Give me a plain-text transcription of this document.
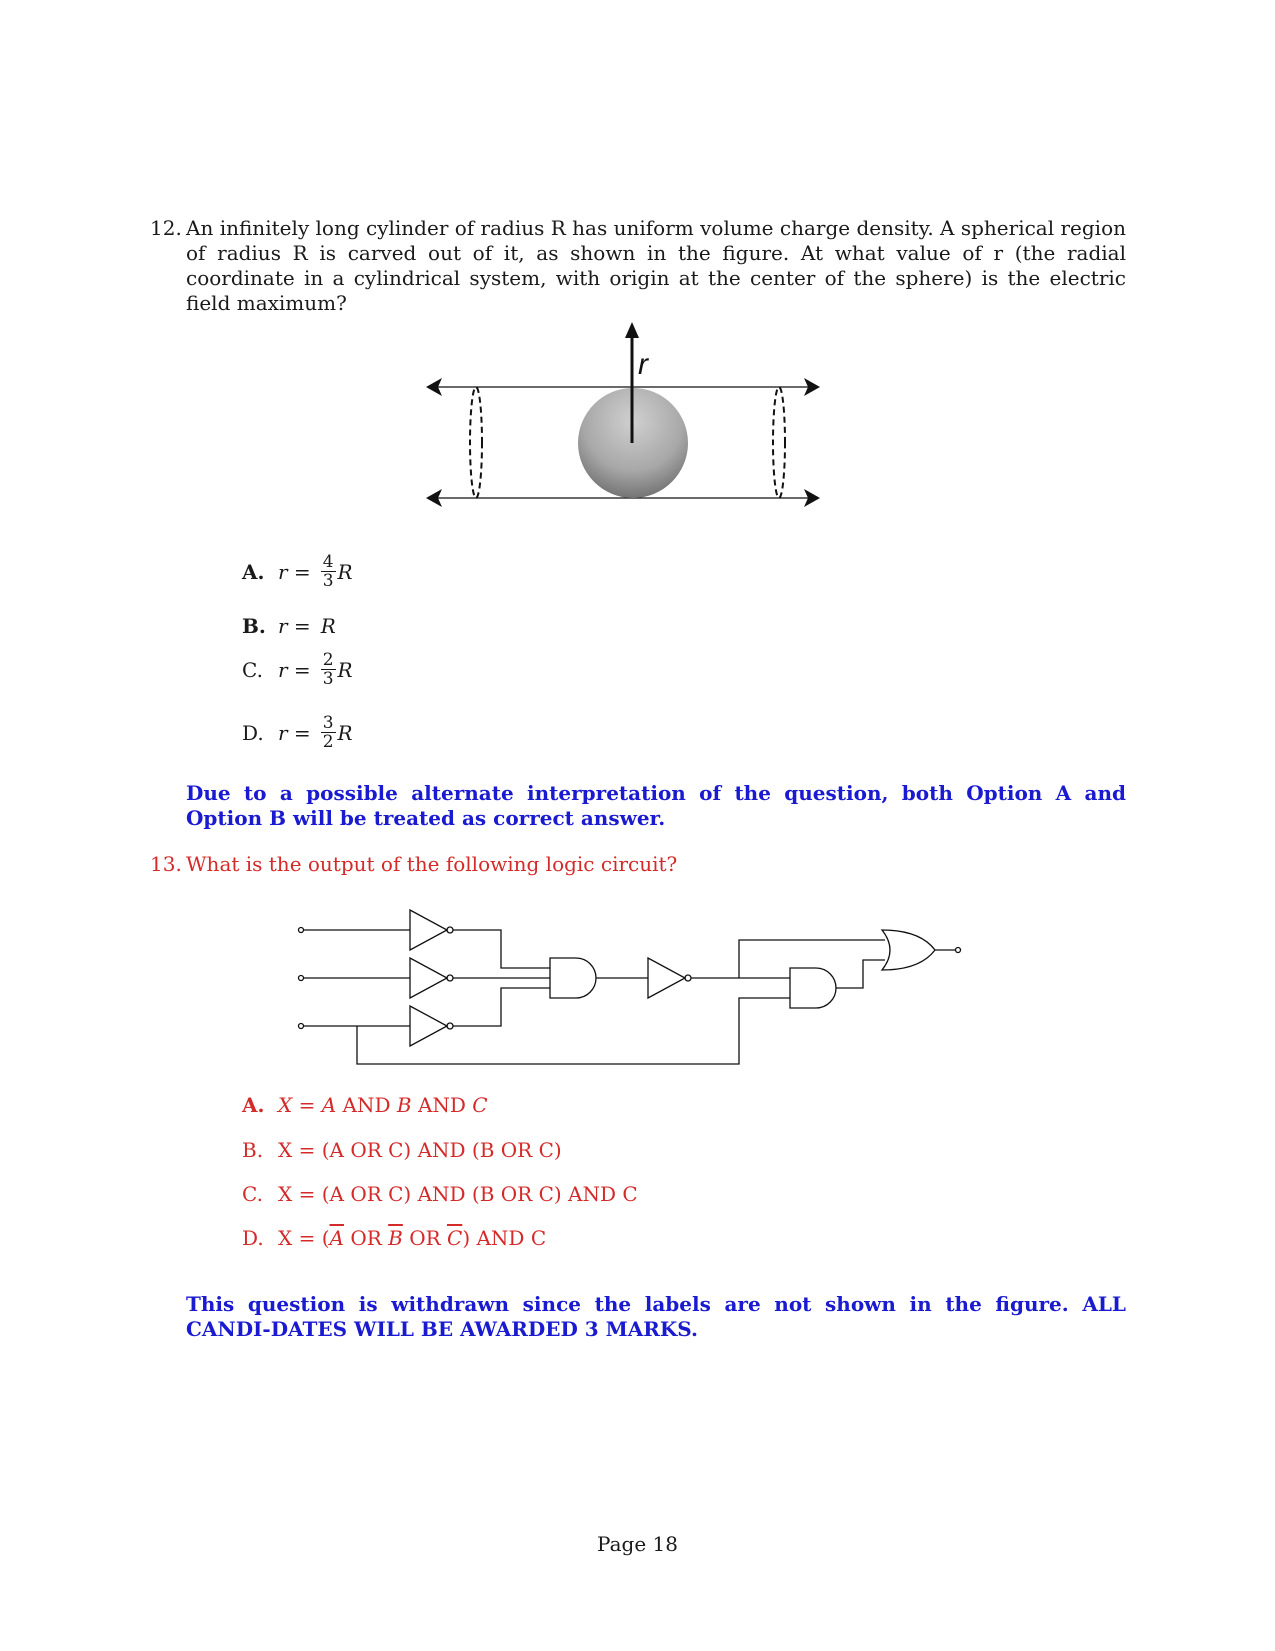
12. An infinitely long cylinder of radius R has uniform volume charge density. A spherical region of radius R is carved out of it, as shown in the figure. At what value of r (the radial coordinate in a cylindrical system, with origin at the center of the sphere) is the electric field maximum?
r
A. $r = \frac{4}{3}$ R
B. r = R
C. $r = \frac{2}{3}$ R
D. $r = \frac{3}{2}$ R
Due to a possible alternate interpretation of the question, both Option A and Option B will be treated as correct answer.
13. What is the output of the following logic circuit?
A. X = A AND B AND C
B. X = (A OR C) AND (B OR C)
C. X = (A OR C) AND (B OR C) AND C
D. $X = (\overline{A}$ OR $\overline{B}$ OR $\overline{C}$) AND C
This question is withdrawn since the labels are not shown in the figure. ALL CANDI-DATES WILL BE AWARDED 3 MARKS.
Page 18
